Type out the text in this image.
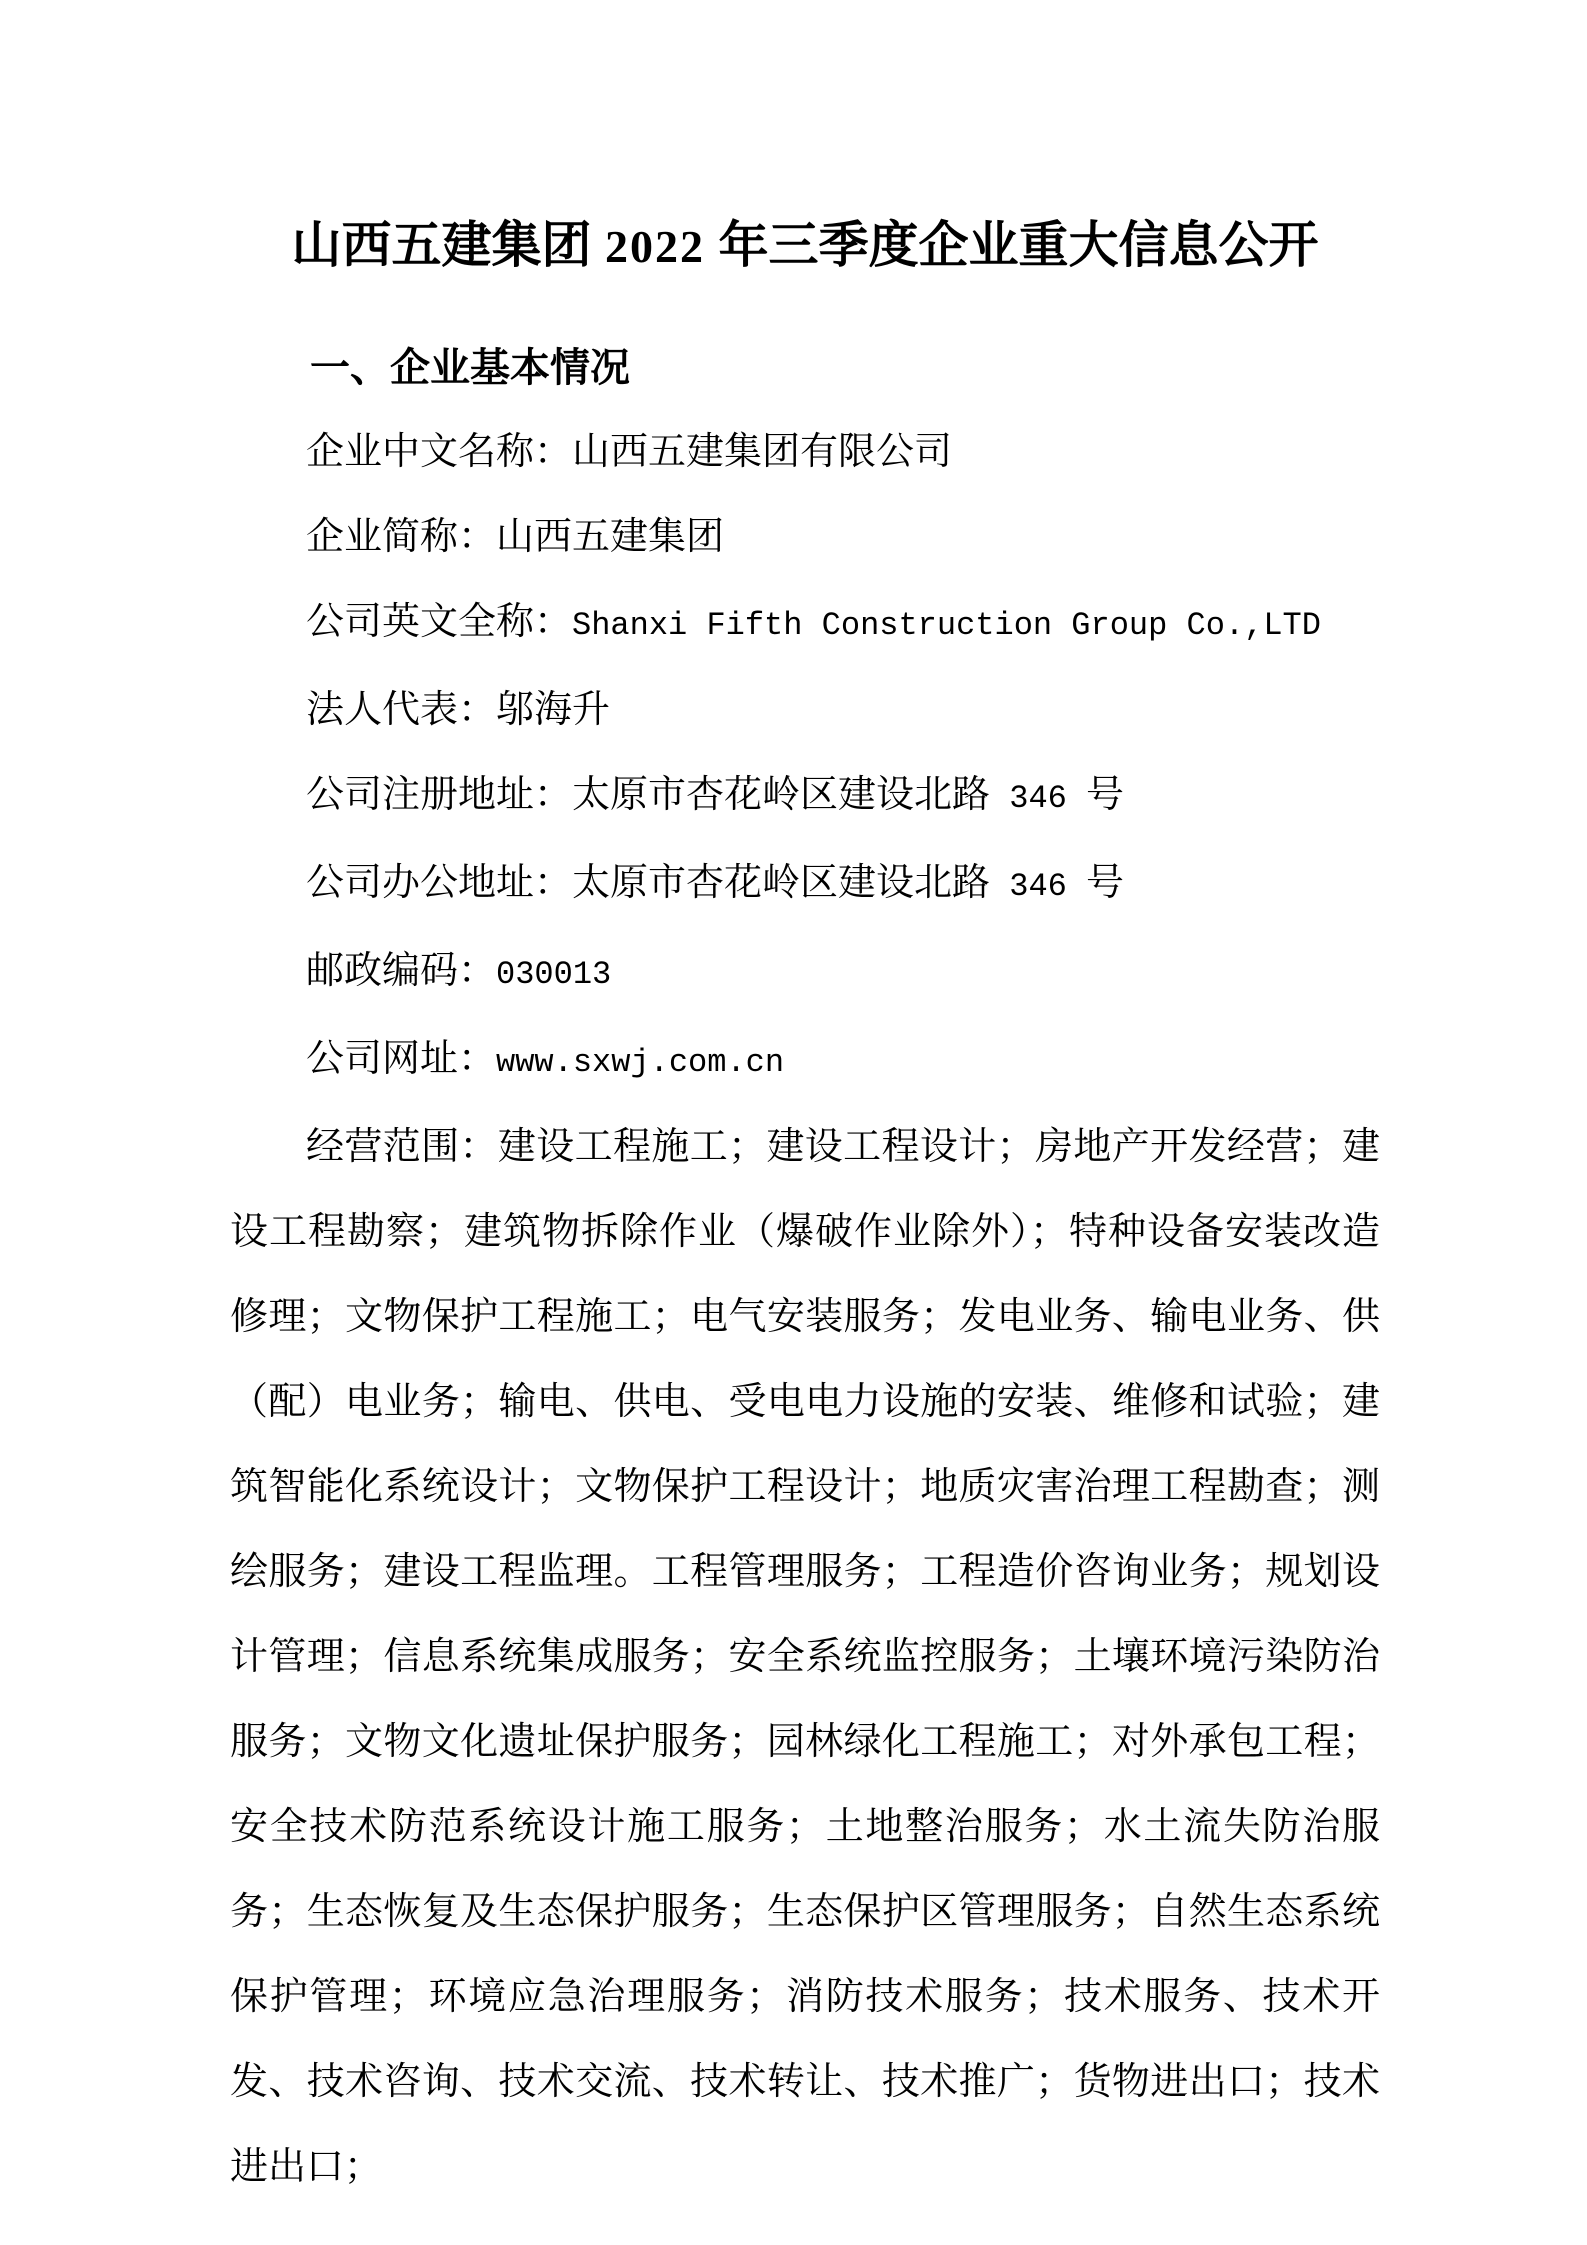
山西五建集团 2022 年三季度企业重大信息公开
一、企业基本情况
企业中文名称：山西五建集团有限公司
企业简称：山西五建集团
公司英文全称：Shanxi Fifth Construction Group Co.,LTD
法人代表：邬海升
公司注册地址：太原市杏花岭区建设北路 346 号
公司办公地址：太原市杏花岭区建设北路 346 号
邮政编码：030013
公司网址：www.sxwj.com.cn

经营范围：建设工程施工；建设工程设计；房地产开发经营；建设工程勘察；建筑物拆除作业（爆破作业除外）；特种设备安装改造修理；文物保护工程施工；电气安装服务；发电业务、输电业务、供（配）电业务；输电、供电、受电电力设施的安装、维修和试验；建筑智能化系统设计；文物保护工程设计；地质灾害治理工程勘查；测绘服务；建设工程监理。工程管理服务；工程造价咨询业务；规划设计管理；信息系统集成服务；安全系统监控服务；土壤环境污染防治服务；文物文化遗址保护服务；园林绿化工程施工；对外承包工程；安全技术防范系统设计施工服务；土地整治服务；水土流失防治服务；生态恢复及生态保护服务；生态保护区管理服务；自然生态系统保护管理；环境应急治理服务；消防技术服务；技术服务、技术开发、技术咨询、技术交流、技术转让、技术推广；货物进出口；技术进出口；
